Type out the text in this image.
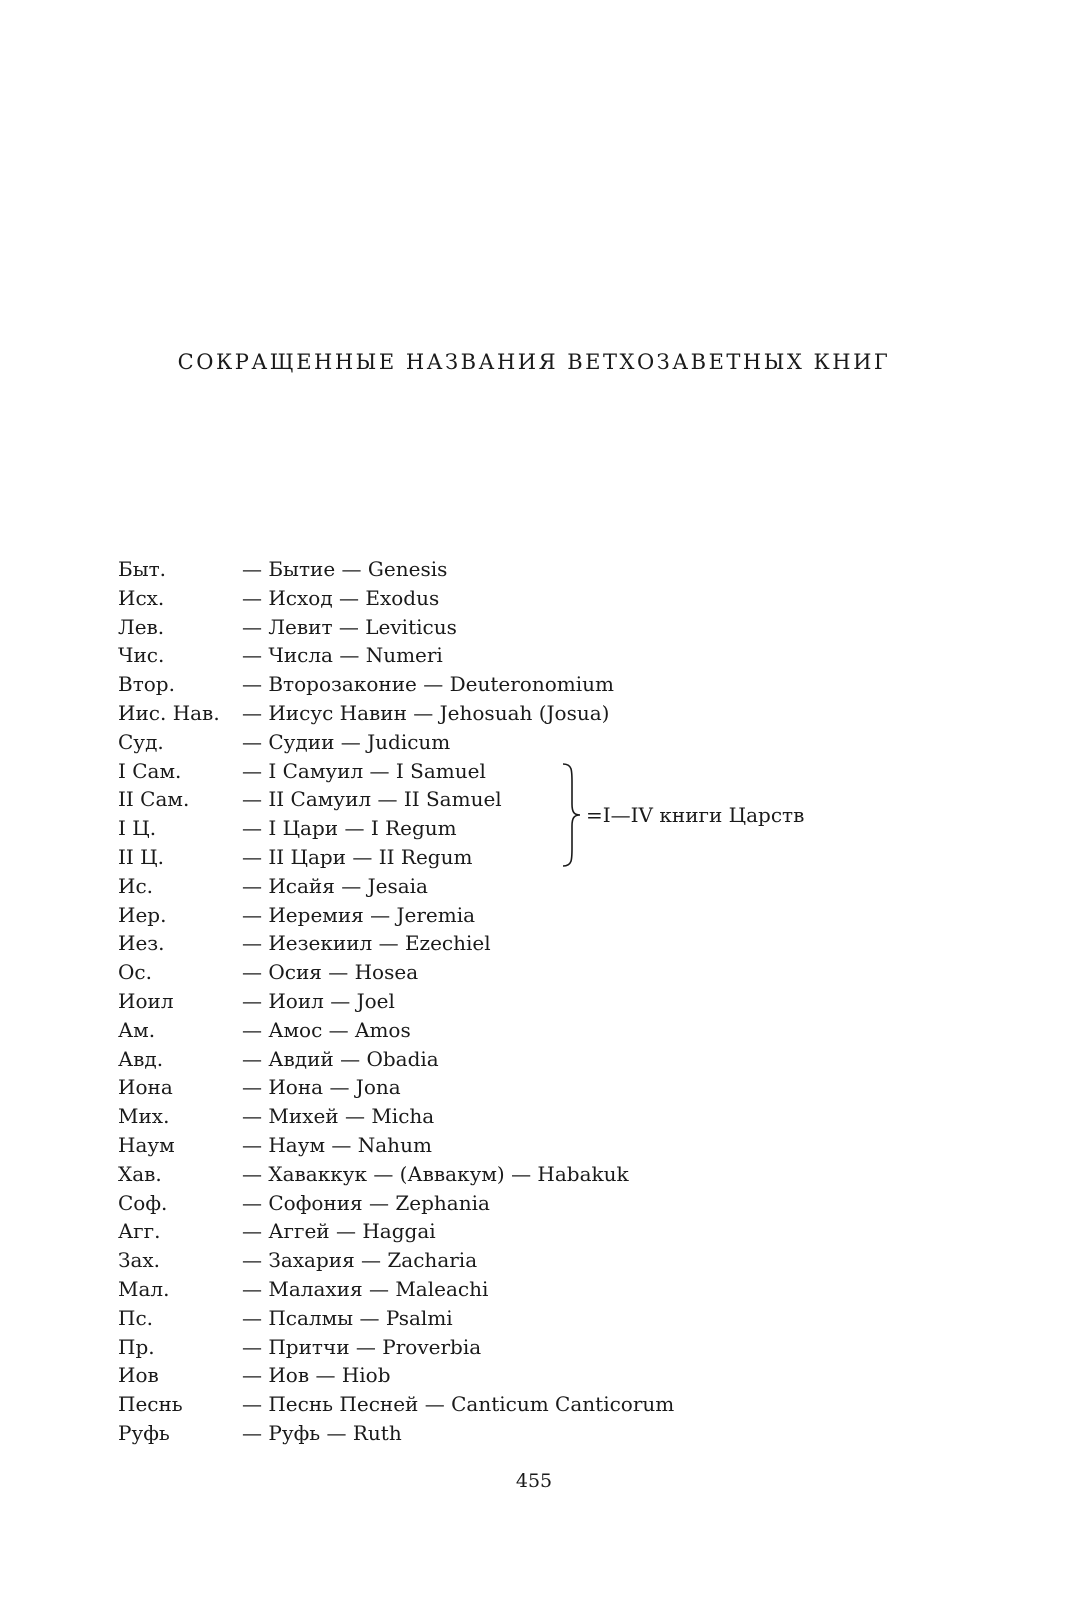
СОКРАЩЕННЫЕ НАЗВАНИЯ ВЕТХОЗАВЕТНЫХ КНИГ
Быт.	— Бытие — Genesis
Исх.	— Исход — Exodus
Лев.	— Левит — Leviticus
Чис.	— Числа — Numeri
Втор.	— Второзаконие — Deuteronomium
Иис. Нав. — Иисус Навин — Jehosuah (Josua)
Суд.	— Судии — Judicum
I Сам.	— I Самуил — I Samuel
II Сам.	— II Самуил — II Samuel
I Ц.	— I Цари — I Regum
II Ц.	— II Цари — II Regum
Ис.	— Исайя — Jesaia
Иер.	— Иеремия — Jeremia
Иез.	— Иезекиил — Ezechiel
Ос.	— Осия — Hosea
Иоил	— Иоил — Joel
Ам.	— Амос — Amos
Авд.	— Авдий — Obadia
Иона	— Иона — Jona
Мих.	— Михей — Micha
Наум	— Наум — Nahum
Хав.	— Хаваккук — (Аввакум) — Habakuk
Соф.	— Софония — Zephania
Агг.	— Аггей — Haggai
Зах.	— Захария — Zacharia
Мал.	— Малахия — Maleachi
Пс.	— Псалмы — Psalmi
Пр.	— Притчи — Proverbia
Иов	— Иов — Hiob
Песнь	— Песнь Песней — Canticum Canticorum
Руфь	— Руфь — Ruth
=I—IV книги Царств
455
